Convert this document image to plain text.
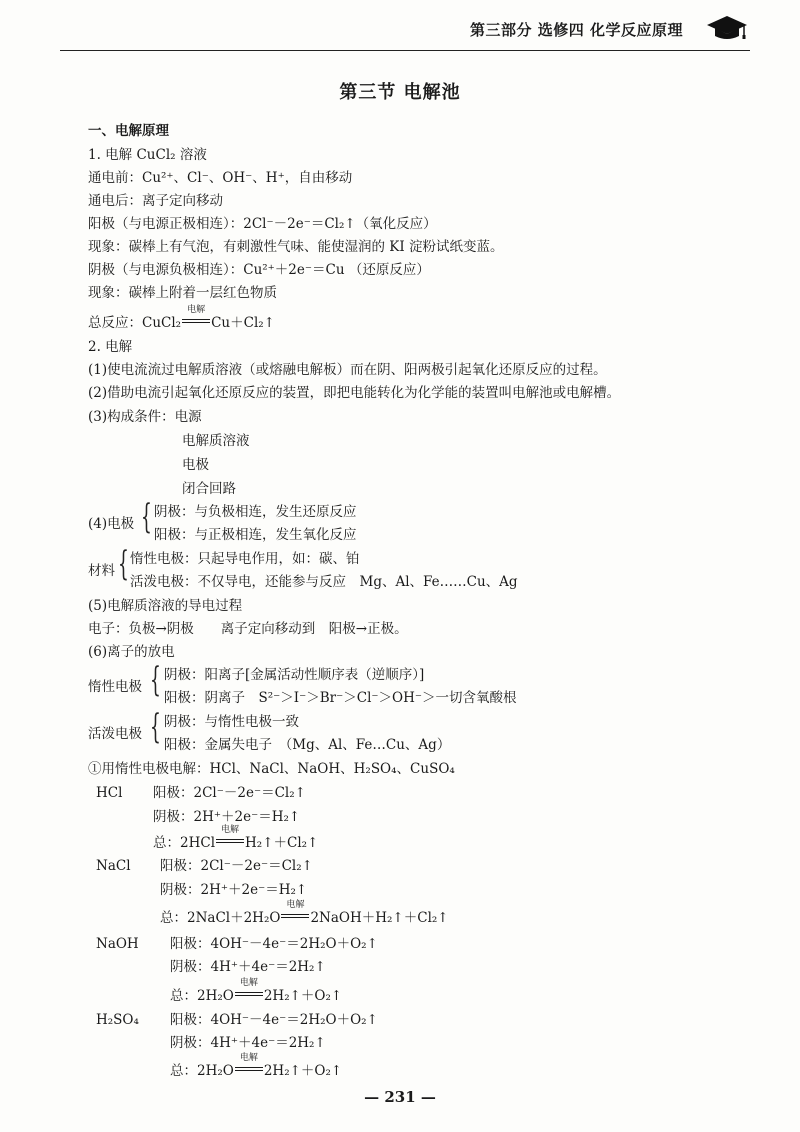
第三部分 选修四 化学反应原理
第三节 电解池
一、电解原理
1. 电解 CuCl₂ 溶液
通电前：Cu²⁺、Cl⁻、OH⁻、H⁺，自由移动
通电后：离子定向移动
阳极（与电源正极相连）：2Cl⁻－2e⁻＝Cl₂↑（氧化反应）
现象：碳棒上有气泡，有刺激性气味、能使湿润的 KI 淀粉试纸变蓝。
阴极（与电源负极相连）：Cu²⁺＋2e⁻＝Cu （还原反应）
现象：碳棒上附着一层红色物质
总反应：CuCl₂
电解
Cu＋Cl₂↑
2. 电解
(1)使电流流过电解质溶液（或熔融电解板）而在阴、阳两极引起氧化还原反应的过程。
(2)借助电流引起氧化还原反应的装置，即把电能转化为化学能的装置叫电解池或电解槽。
(3)构成条件：电源
电解质溶液
电极
闭合回路
(4)电极 { 阴极：与负极相连，发生还原反应
阳极：与正极相连，发生氧化反应
材料 { 惰性电极：只起导电作用，如：碳、铂
活泼电极：不仅导电，还能参与反应　Mg、Al、Fe……Cu、Ag
(5)电解质溶液的导电过程
电子：负极→阴极　　离子定向移动到　阳极→正极。
(6)离子的放电
惰性电极 { 阴极：阳离子[金属活动性顺序表（逆顺序）]
阳极：阴离子　S²⁻＞I⁻＞Br⁻＞Cl⁻＞OH⁻＞一切含氧酸根
活泼电极 { 阴极：与惰性电极一致
阳极：金属失电子　（Mg、Al、Fe…Cu、Ag）
①用惰性电极电解：HCl、NaCl、NaOH、H₂SO₄、CuSO₄
HCl 阳极：2Cl⁻－2e⁻＝Cl₂↑
阴极：2H⁺＋2e⁻＝H₂↑
总：2HCl
电解
H₂↑＋Cl₂↑
NaCl 阳极：2Cl⁻－2e⁻＝Cl₂↑
阴极：2H⁺＋2e⁻＝H₂↑
总：2NaCl＋2H₂O
电解
2NaOH＋H₂↑＋Cl₂↑
NaOH 阳极：4OH⁻－4e⁻＝2H₂O＋O₂↑
阴极：4H⁺＋4e⁻＝2H₂↑
总：2H₂O
电解
2H₂↑＋O₂↑
H₂SO₄ 阳极：4OH⁻－4e⁻＝2H₂O＋O₂↑
阴极：4H⁺＋4e⁻＝2H₂↑
总：2H₂O
电解
2H₂↑＋O₂↑
— 231 —
